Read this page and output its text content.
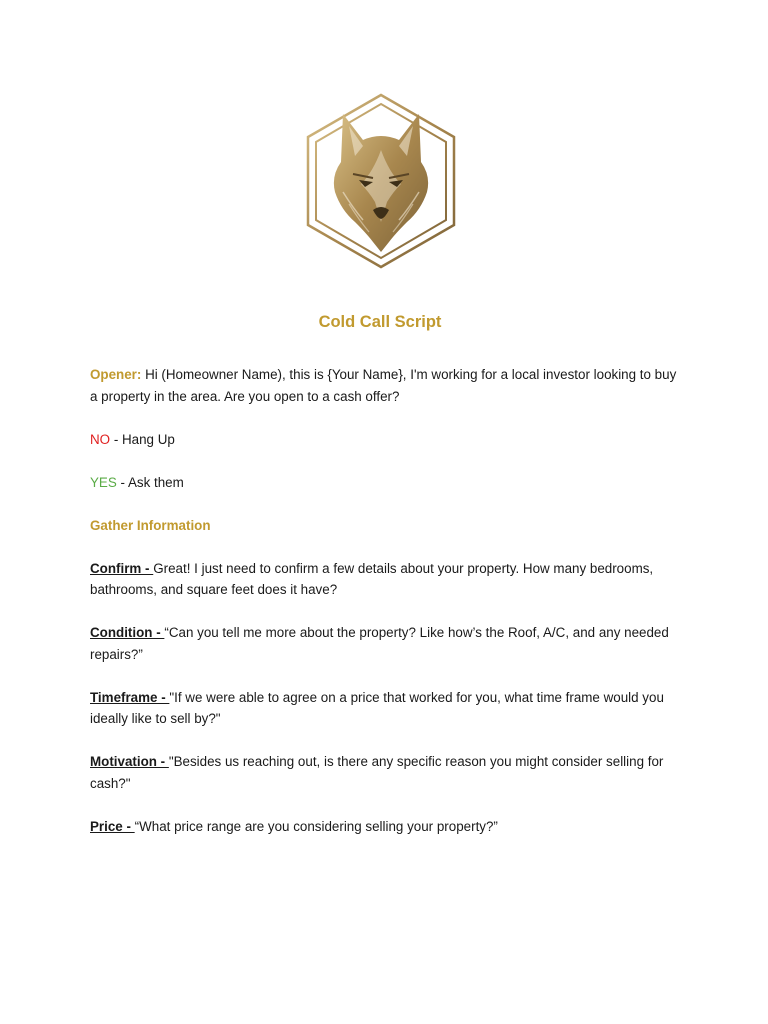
Cold Call Script

Opener: Hi (Homeowner Name), this is {Your Name}, I'm working for a local investor looking to buy a property in the area. Are you open to a cash offer?

NO - Hang Up

YES - Ask them

Gather Information

Confirm - Great! I just need to confirm a few details about your property. How many bedrooms, bathrooms, and square feet does it have?

Condition - “Can you tell me more about the property? Like how’s the Roof, A/C, and any needed repairs?”

Timeframe - "If we were able to agree on a price that worked for you, what time frame would you ideally like to sell by?"

Motivation - "Besides us reaching out, is there any specific reason you might consider selling for cash?"

Price - “What price range are you considering selling your property?”
